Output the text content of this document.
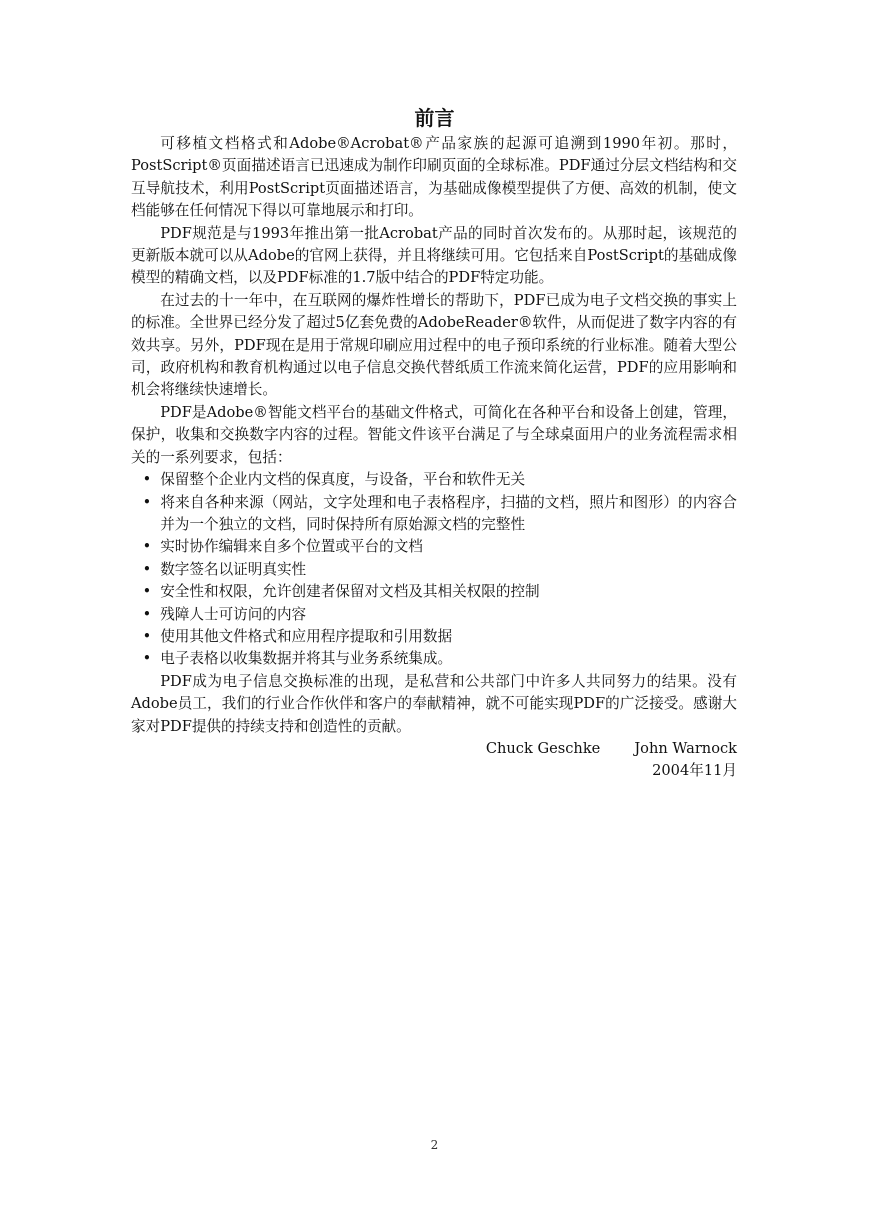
前言

可移植文档格式和Adobe®Acrobat®产品家族的起源可追溯到1990年初。那时，PostScript®页面描述语言已迅速成为制作印刷页面的全球标准。PDF通过分层文档结构和交互导航技术，利用PostScript页面描述语言，为基础成像模型提供了方便、高效的机制，使文档能够在任何情况下得以可靠地展示和打印。

PDF规范是与1993年推出第一批Acrobat产品的同时首次发布的。从那时起，该规范的更新版本就可以从Adobe的官网上获得，并且将继续可用。它包括来自PostScript的基础成像模型的精确文档，以及PDF标准的1.7版中结合的PDF特定功能。

在过去的十一年中，在互联网的爆炸性增长的帮助下，PDF已成为电子文档交换的事实上的标准。全世界已经分发了超过5亿套免费的AdobeReader®软件，从而促进了数字内容的有效共享。另外，PDF现在是用于常规印刷应用过程中的电子预印系统的行业标准。随着大型公司，政府机构和教育机构通过以电子信息交换代替纸质工作流来简化运营，PDF的应用影响和机会将继续快速增长。

PDF是Adobe®智能文档平台的基础文件格式，可简化在各种平台和设备上创建，管理，保护，收集和交换数字内容的过程。智能文件该平台满足了与全球桌面用户的业务流程需求相关的一系列要求，包括：

• 保留整个企业内文档的保真度，与设备，平台和软件无关
• 将来自各种来源（网站，文字处理和电子表格程序，扫描的文档，照片和图形）的内容合并为一个独立的文档，同时保持所有原始源文档的完整性
• 实时协作编辑来自多个位置或平台的文档
• 数字签名以证明真实性
• 安全性和权限，允许创建者保留对文档及其相关权限的控制
• 残障人士可访问的内容
• 使用其他文件格式和应用程序提取和引用数据
• 电子表格以收集数据并将其与业务系统集成。

PDF成为电子信息交换标准的出现，是私营和公共部门中许多人共同努力的结果。没有Adobe员工，我们的行业合作伙伴和客户的奉献精神，就不可能实现PDF的广泛接受。感谢大家对PDF提供的持续支持和创造性的贡献。

Chuck Geschke John Warnock

2004年11月

2
